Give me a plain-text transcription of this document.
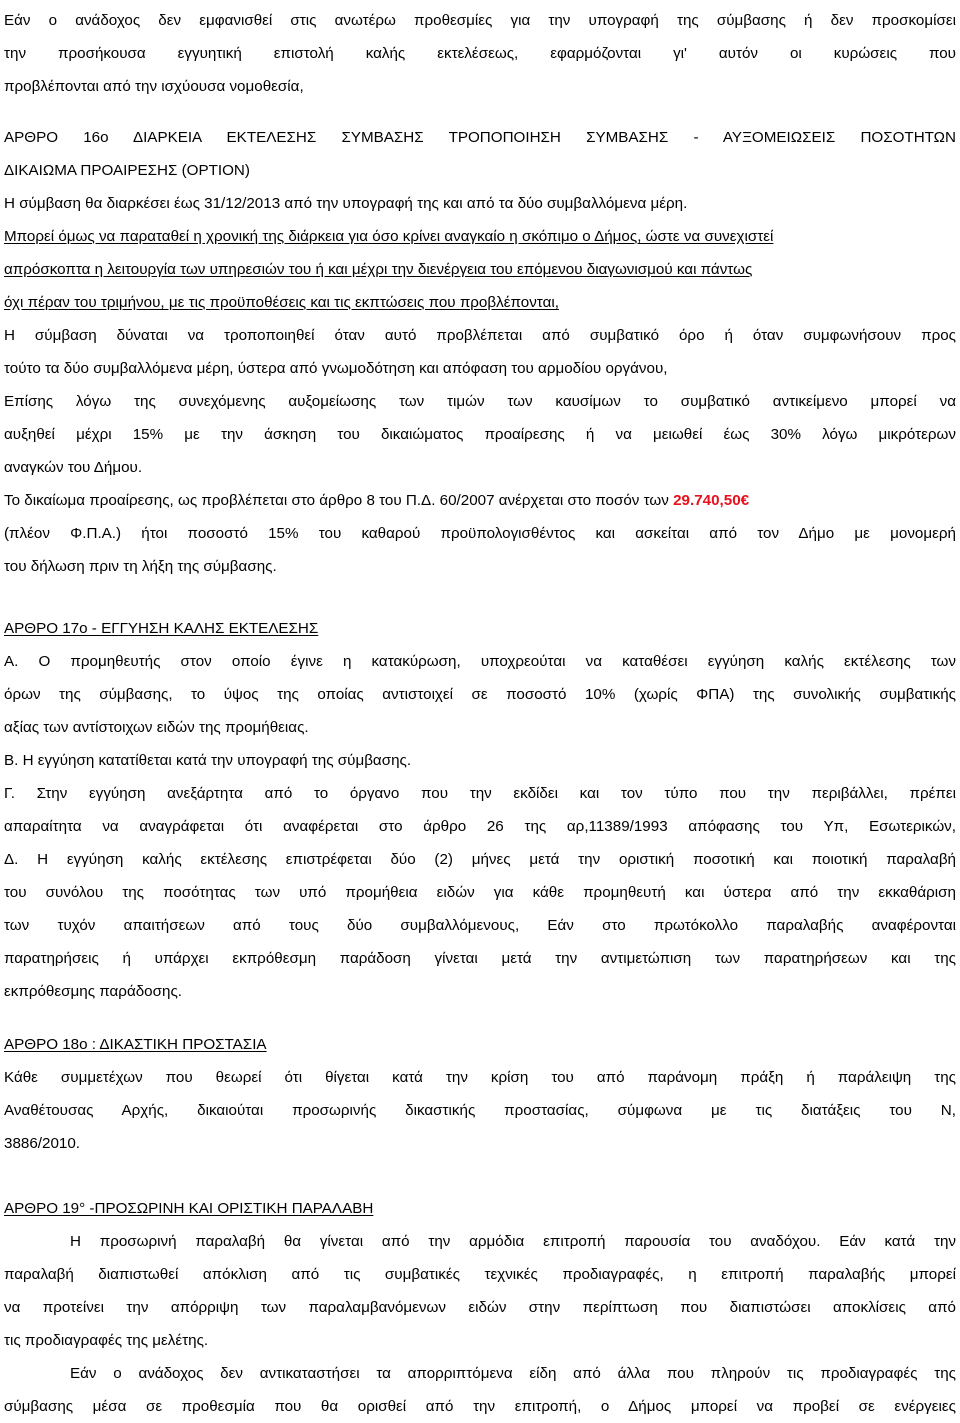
Εάν ο ανάδοχος δεν εμφανισθεί στις ανωτέρω προθεσμίες για την υπογραφή της σύμβασης ή δεν προσκομίσει
την προσήκουσα εγγυητική επιστολή καλής εκτελέσεως, εφαρμόζονται γι' αυτόν οι κυρώσεις που
προβλέπονται από την ισχύουσα νομοθεσία,
ΑΡΘΡΟ 16ο ΔΙΑΡΚΕΙΑ ΕΚΤΕΛΕΣΗΣ ΣΥΜΒΑΣΗΣ ΤΡΟΠΟΠΟΙΗΣΗ ΣΥΜΒΑΣΗΣ - ΑΥΞΟΜΕΙΩΣΕΙΣ ΠΟΣΟΤΗΤΩΝ
ΔΙΚΑΙΩΜΑ ΠΡΟΑΙΡΕΣΗΣ (OPTION)
Η σύμβαση θα διαρκέσει έως 31/12/2013 από την υπογραφή της και από τα δύο συμβαλλόμενα μέρη.
Μπορεί όμως να παραταθεί η χρονική της διάρκεια για όσο κρίνει αναγκαίο η σκόπιμο ο Δήμος, ώστε να συνεχιστεί
απρόσκοπτα η λειτουργία των υπηρεσιών του ή και μέχρι την διενέργεια του επόμενου διαγωνισμού και πάντως
όχι πέραν του τριμήνου, με τις προϋποθέσεις και τις εκπτώσεις που προβλέπονται,
Η σύμβαση δύναται να τροποποιηθεί όταν αυτό προβλέπεται από συμβατικό όρο ή όταν συμφωνήσουν προς
τούτο τα δύο συμβαλλόμενα μέρη, ύστερα από γνωμοδότηση και απόφαση του αρμοδίου οργάνου,
Επίσης λόγω της συνεχόμενης αυξομείωσης των τιμών των καυσίμων το συμβατικό αντικείμενο μπορεί να
αυξηθεί μέχρι 15% με την άσκηση του δικαιώματος προαίρεσης ή να μειωθεί έως 30% λόγω μικρότερων
αναγκών του Δήμου.
Το δικαίωμα προαίρεσης, ως προβλέπεται στο άρθρο 8 του Π.Δ. 60/2007 ανέρχεται στο ποσόν των 29.740,50€
(πλέον Φ.Π.Α.) ήτοι ποσοστό 15% του καθαρού προϋπολογισθέντος και ασκείται από τον Δήμο με μονομερή
του δήλωση πριν τη λήξη της σύμβασης.
ΑΡΘΡΟ 17ο - ΕΓΓΥΗΣΗ ΚΑΛΗΣ ΕΚΤΕΛΕΣΗΣ
Α. Ο προμηθευτής στον οποίο έγινε η κατακύρωση, υποχρεούται να καταθέσει εγγύηση καλής εκτέλεσης των
όρων της σύμβασης, το ύψος της οποίας αντιστοιχεί σε ποσοστό 10% (χωρίς ΦΠΑ) της συνολικής συμβατικής
αξίας των αντίστοιχων ειδών της προμήθειας.
Β. Η εγγύηση κατατίθεται κατά την υπογραφή της σύμβασης.
Γ. Στην εγγύηση ανεξάρτητα από το όργανο που την εκδίδει και τον τύπο που την περιβάλλει, πρέπει
απαραίτητα να αναγράφεται ότι αναφέρεται στο άρθρο 26 της αρ,11389/1993 απόφασης του Υπ, Εσωτερικών,
Δ. Η εγγύηση καλής εκτέλεσης επιστρέφεται δύο (2) μήνες μετά την οριστική ποσοτική και ποιοτική παραλαβή
του συνόλου της ποσότητας των υπό προμήθεια ειδών για κάθε προμηθευτή και ύστερα από την εκκαθάριση
των τυχόν απαιτήσεων από τους δύο συμβαλλόμενους, Εάν στο πρωτόκολλο παραλαβής αναφέρονται
παρατηρήσεις ή υπάρχει εκπρόθεσμη παράδοση γίνεται μετά την αντιμετώπιση των παρατηρήσεων και της
εκπρόθεσμης παράδοσης.
ΑΡΘΡΟ 18ο : ΔΙΚΑΣΤΙΚΗ ΠΡΟΣΤΑΣΙΑ
Κάθε συμμετέχων που θεωρεί ότι θίγεται κατά την κρίση του από παράνομη πράξη ή παράλειψη της
Αναθέτουσας Αρχής, δικαιούται προσωρινής δικαστικής προστασίας, σύμφωνα με τις διατάξεις του Ν,
3886/2010.
ΑΡΘΡΟ 19° -ΠΡΟΣΩΡΙΝΗ ΚΑΙ ΟΡΙΣΤΙΚΗ ΠΑΡΑΛΑΒΗ
Η προσωρινή παραλαβή θα γίνεται από την αρμόδια επιτροπή παρουσία του αναδόχου. Εάν κατά την
παραλαβή διαπιστωθεί απόκλιση από τις συμβατικές τεχνικές προδιαγραφές, η επιτροπή παραλαβής μπορεί
να προτείνει την απόρριψη των παραλαμβανόμενων ειδών στην περίπτωση που διαπιστώσει αποκλίσεις από
τις προδιαγραφές της μελέτης.
Εάν ο ανάδοχος δεν αντικαταστήσει τα απορριπτόμενα είδη από άλλα που πληρούν τις προδιαγραφές της
σύμβασης μέσα σε προθεσμία που θα ορισθεί από την επιτροπή, ο Δήμος μπορεί να προβεί σε ενέργειες
